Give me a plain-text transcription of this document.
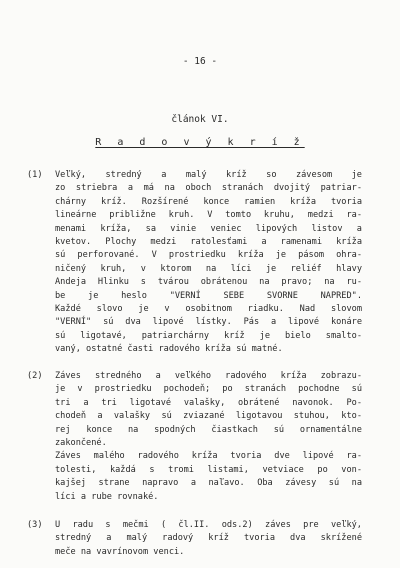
- 16 -
článok VI.
R a d o v ý k r í ž
(1) Veľký, stredný a malý kríž so závesom je
zo striebra a má na oboch stranách dvojitý patriar-
chárny kríž. Rozšírené konce ramien kríža tvoria
lineárne približne kruh. V tomto kruhu, medzi ra-
menami kríža, sa vinie veniec lipových listov a
kvetov. Plochy medzi ratolesťami a ramenami kríža
sú perforované. V prostriedku kríža je pásom ohra-
ničený kruh, v ktorom na líci je reliéf hlavy
Andeja Hlinku s tvárou obrátenou na pravo; na ru-
be je heslo "VERNÍ SEBE SVORNE NAPRED".
Každé slovo je v osobitnom riadku. Nad slovom
"VERNÍ" sú dva lipové lístky. Pás a lipové konáre
sú ligotavé, patriarchárny kríž je bielo smalto-
vaný, ostatné časti radového kríža sú matné.
(2) Záves stredného a veľkého radového kríža zobrazu-
je v prostriedku pochodeň; po stranách pochodne sú
tri a tri ligotavé valašky, obrátené navonok. Po-
chodeň a valašky sú zviazané ligotavou stuhou, kto-
rej konce na spodných čiastkach sú ornamentálne
zakončené.
Záves malého radového kríža tvoria dve lipové ra-
tolesti, každá s tromi listami, vetviace po von-
kajšej strane napravo a naľavo. Oba závesy sú na
líci a rube rovnaké.
(3) U radu s mečmi ( čl.II. ods.2) záves pre veľký,
stredný a malý radový kríž tvoria dva skrížené
meče na vavrínovom venci.
